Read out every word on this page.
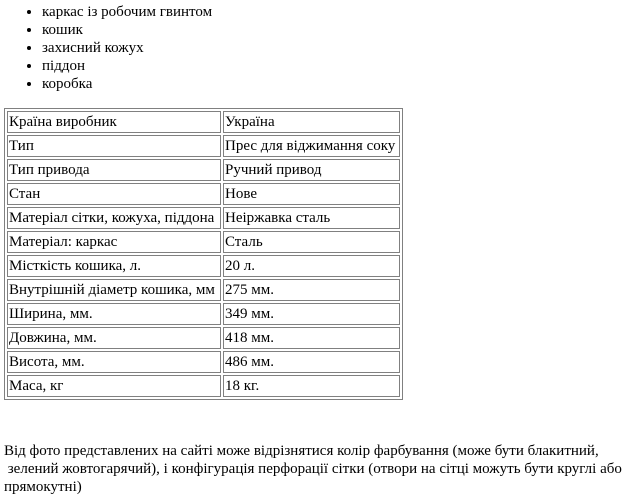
• каркас із робочим гвинтом
• кошик
• захисний кожух
• піддон
• коробка
Країна виробник	Україна
Тип	Прес для віджимання соку
Тип привода	Ручний привод
Стан	Нове
Матеріал сітки, кожуха, піддона	Неіржавка сталь
Матеріал: каркас	Сталь
Місткість кошика, л.	20 л.
Внутрішній діаметр кошика, мм	275 мм.
Ширина, мм.	349 мм.
Довжина, мм.	418 мм.
Висота, мм.	486 мм.
Маса, кг	18 кг.

Від фото представлених на сайті може відрізнятися колір фарбування (може бути блакитний,
зелений жовтогарячий), і конфігурація перфорації сітки (отвори на сітці можуть бути круглі або
прямокутні)
